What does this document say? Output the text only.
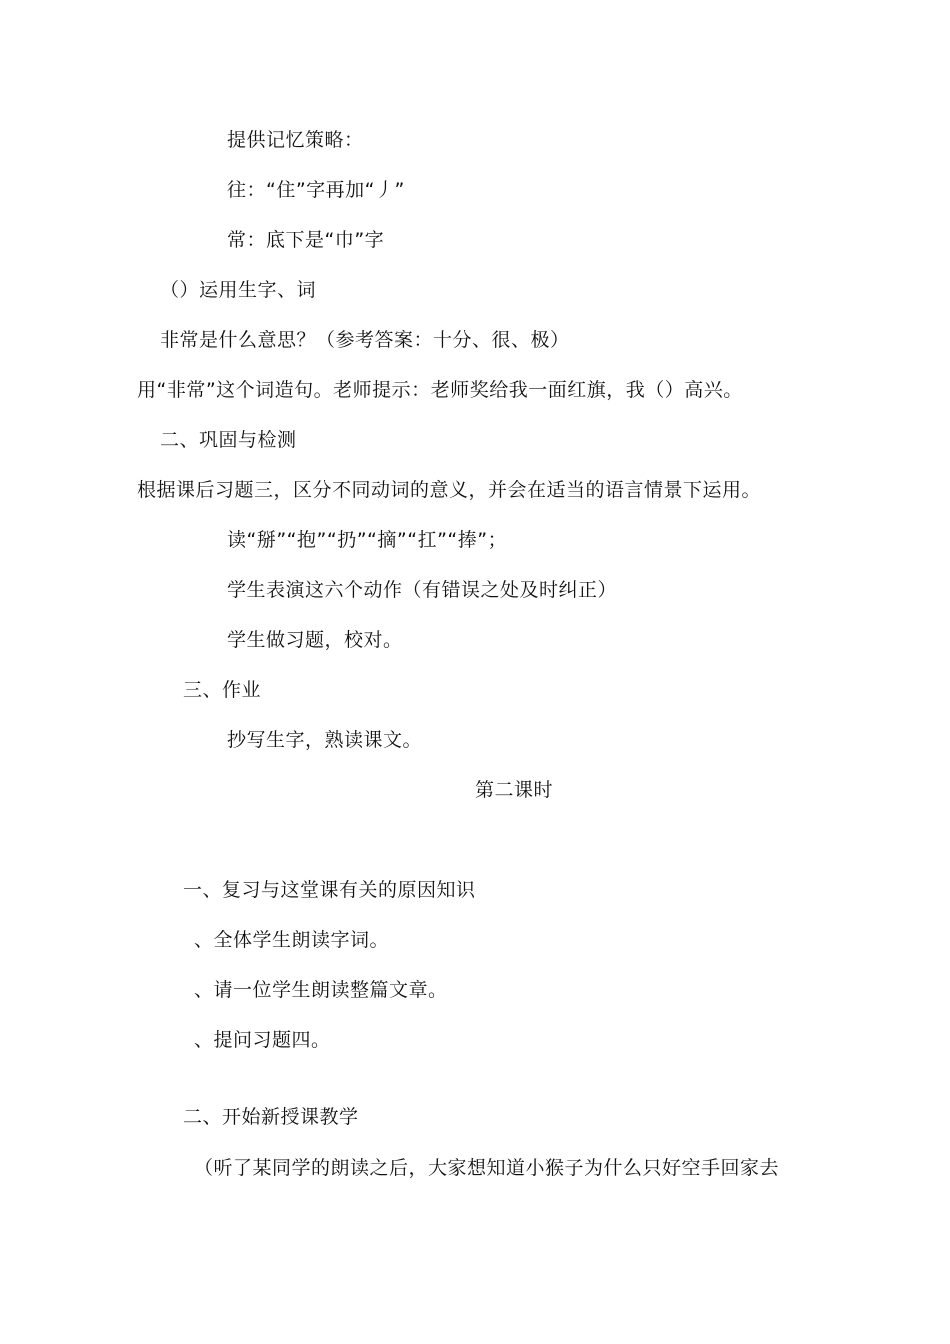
提供记忆策略：
往：“住”字再加“丿”
常：底下是“巾”字
（）运用生字、词
非常是什么意思？（参考答案：十分、很、极）
用“非常”这个词造句。老师提示：老师奖给我一面红旗，我（）高兴。
二、巩固与检测
根据课后习题三，区分不同动词的意义，并会在适当的语言情景下运用。
读“掰”“抱”“扔”“摘”“扛”“捧”；
学生表演这六个动作（有错误之处及时纠正）
学生做习题，校对。
三、作业
抄写生字，熟读课文。
第二课时
一、复习与这堂课有关的原因知识
、全体学生朗读字词。
、请一位学生朗读整篇文章。
、提问习题四。
二、开始新授课教学
（听了某同学的朗读之后，大家想知道小猴子为什么只好空手回家去
